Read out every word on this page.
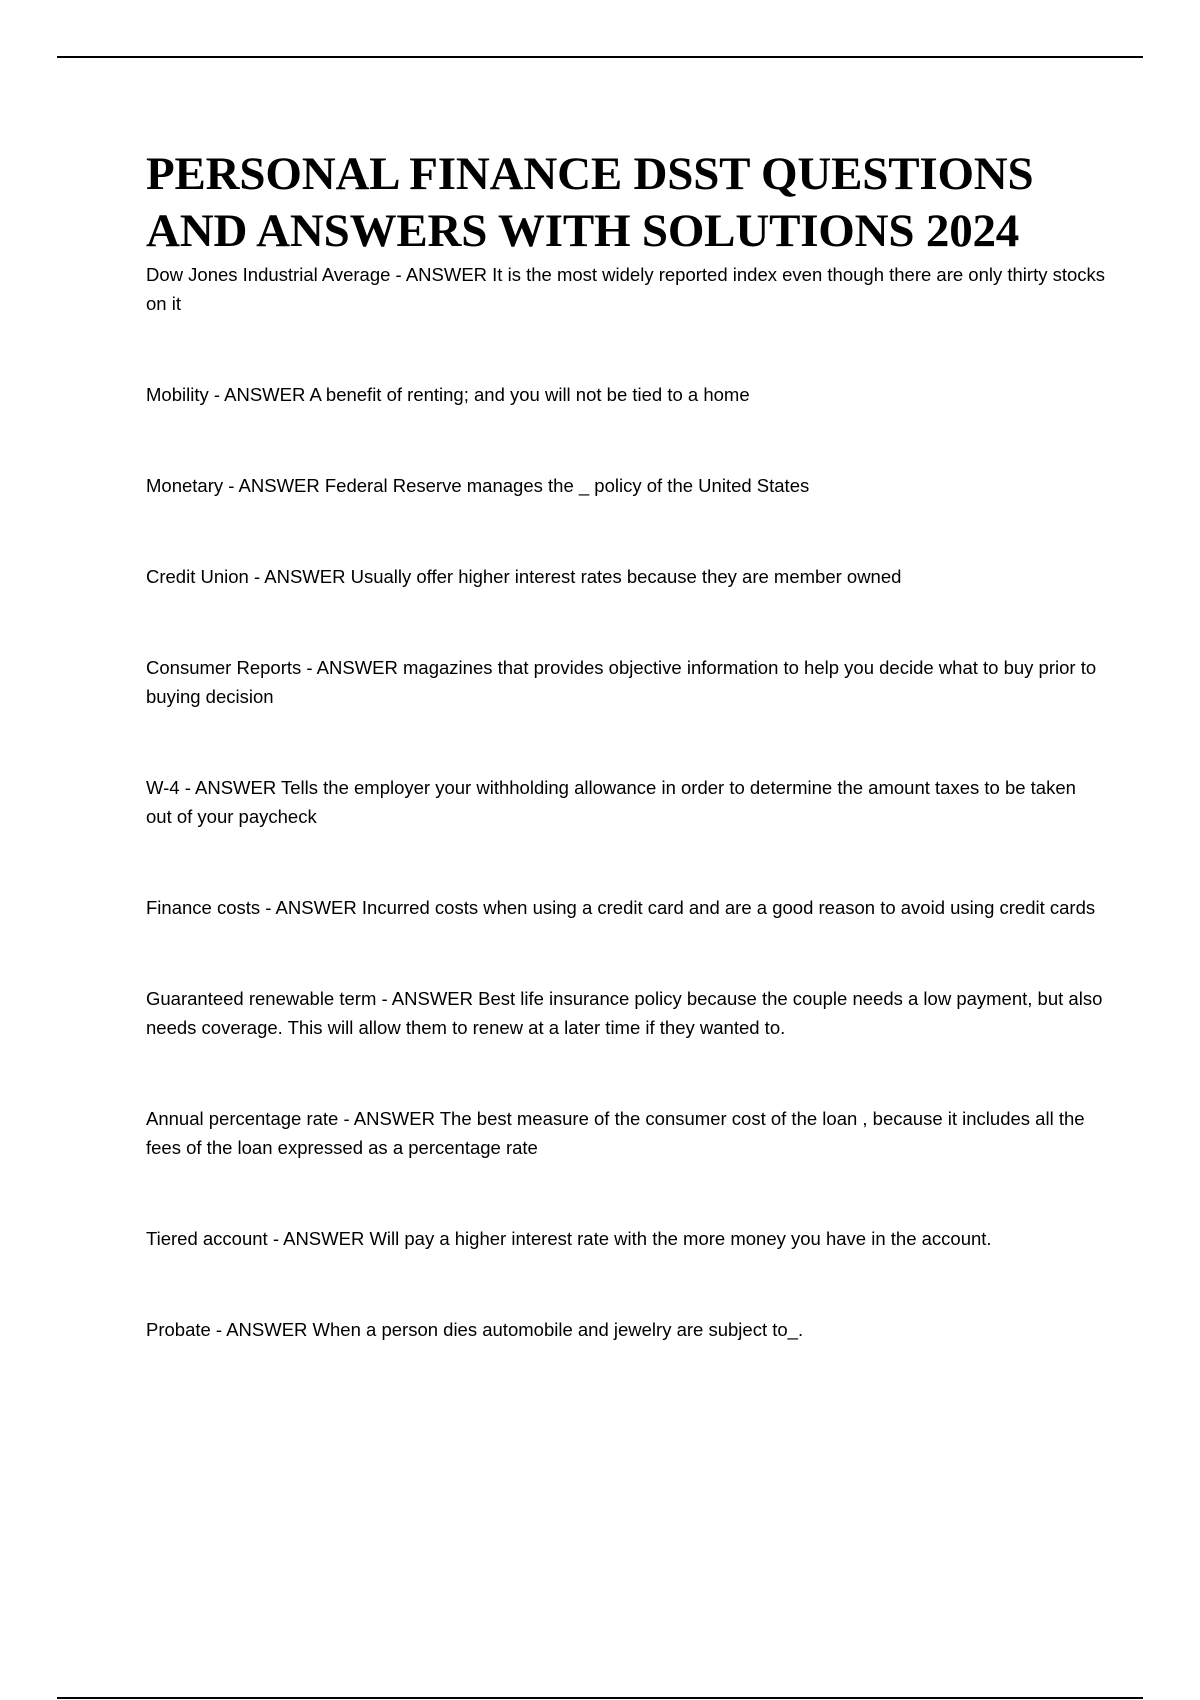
PERSONAL FINANCE DSST QUESTIONS AND ANSWERS WITH SOLUTIONS 2024
Dow Jones Industrial Average - ANSWER It is the most widely reported index even though there are only thirty stocks on it
Mobility - ANSWER A benefit of renting; and you will not be tied to a home
Monetary - ANSWER Federal Reserve manages the _ policy of the United States
Credit Union - ANSWER Usually offer higher interest rates because they are member owned
Consumer Reports - ANSWER magazines that provides objective information to help you decide what to buy prior to buying decision
W-4 - ANSWER Tells the employer your withholding allowance in order to determine the amount taxes to be taken out of your paycheck
Finance costs - ANSWER Incurred costs when using a credit card and are a good reason to avoid using credit cards
Guaranteed renewable term - ANSWER Best life insurance policy because the couple needs a low payment, but also needs coverage. This will allow them to renew at a later time if they wanted to.
Annual percentage rate - ANSWER The best measure of the consumer cost of the loan , because it includes all the fees of the loan expressed as a percentage rate
Tiered account - ANSWER Will pay a higher interest rate with the more money you have in the account.
Probate - ANSWER When a person dies automobile and jewelry are subject to_.
